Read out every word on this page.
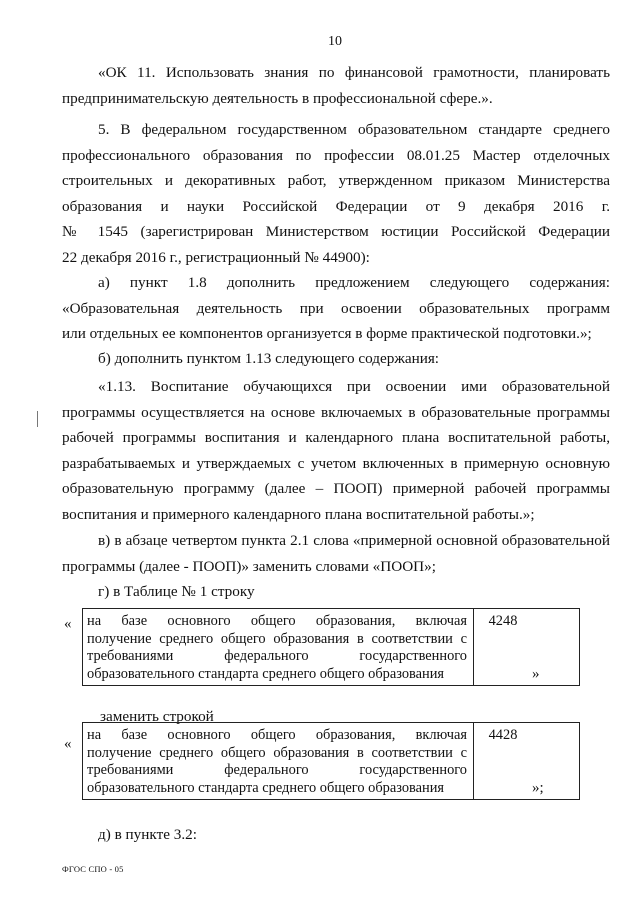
10
«ОК 11. Использовать знания по финансовой грамотности, планировать
предпринимательскую деятельность в профессиональной сфере.».
5. В федеральном государственном образовательном стандарте среднего
профессионального образования по профессии 08.01.25 Мастер отделочных
строительных и декоративных работ, утвержденном приказом Министерства
образования и науки Российской Федерации от 9 декабря 2016 г.
№ 1545 (зарегистрирован Министерством юстиции Российской Федерации
22 декабря 2016 г., регистрационный № 44900):
а) пункт 1.8 дополнить предложением следующего содержания:
«Образовательная деятельность при освоении образовательных программ
или отдельных ее компонентов организуется в форме практической подготовки.»;
б) дополнить пунктом 1.13 следующего содержания:
«1.13. Воспитание обучающихся при освоении ими образовательной
программы осуществляется на основе включаемых в образовательные программы
рабочей программы воспитания и календарного плана воспитательной работы,
разрабатываемых и утверждаемых с учетом включенных в примерную основную
образовательную программу (далее – ПООП) примерной рабочей программы
воспитания и примерного календарного плана воспитательной работы.»;
в) в абзаце четвертом пункта 2.1 слова «примерной основной образовательной
программы (далее - ПООП)» заменить словами «ПООП»;
г) в Таблице № 1 строку
« на базе основного общего образования, включая
получение среднего общего образования в соответствии с
требованиями федерального государственного
образовательного стандарта среднего общего образования
4248
»
заменить строкой
«
на базе основного общего образования, включая
получение среднего общего образования в соответствии с
требованиями федерального государственного
образовательного стандарта среднего общего образования
4428
»;
д) в пункте 3.2:
ФГОС СПО - 05
